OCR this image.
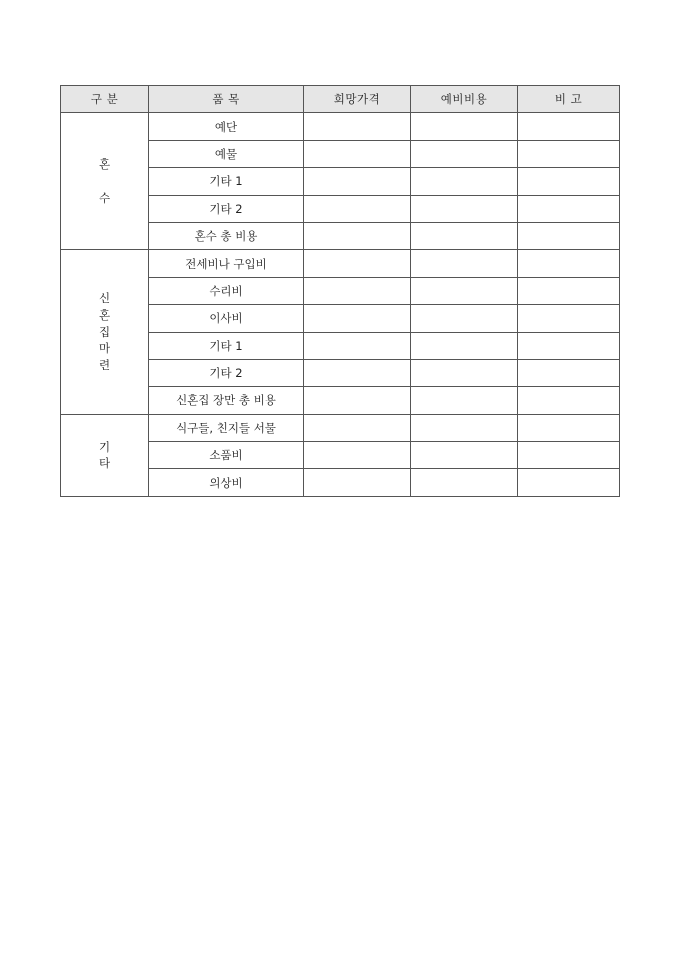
구 분	품 목	희망가격	예비비용	비 고

혼
수	예단			
	예물			
	기타 1			
	기타 2			
	혼수 총 비용			

신
혼
집
마
련	전세비나 구입비			
	수리비			
	이사비			
	기타 1			
	기타 2			
	신혼집 장만 총 비용			

기
타	식구들, 친지들 서물			
	소품비			
	의상비			
